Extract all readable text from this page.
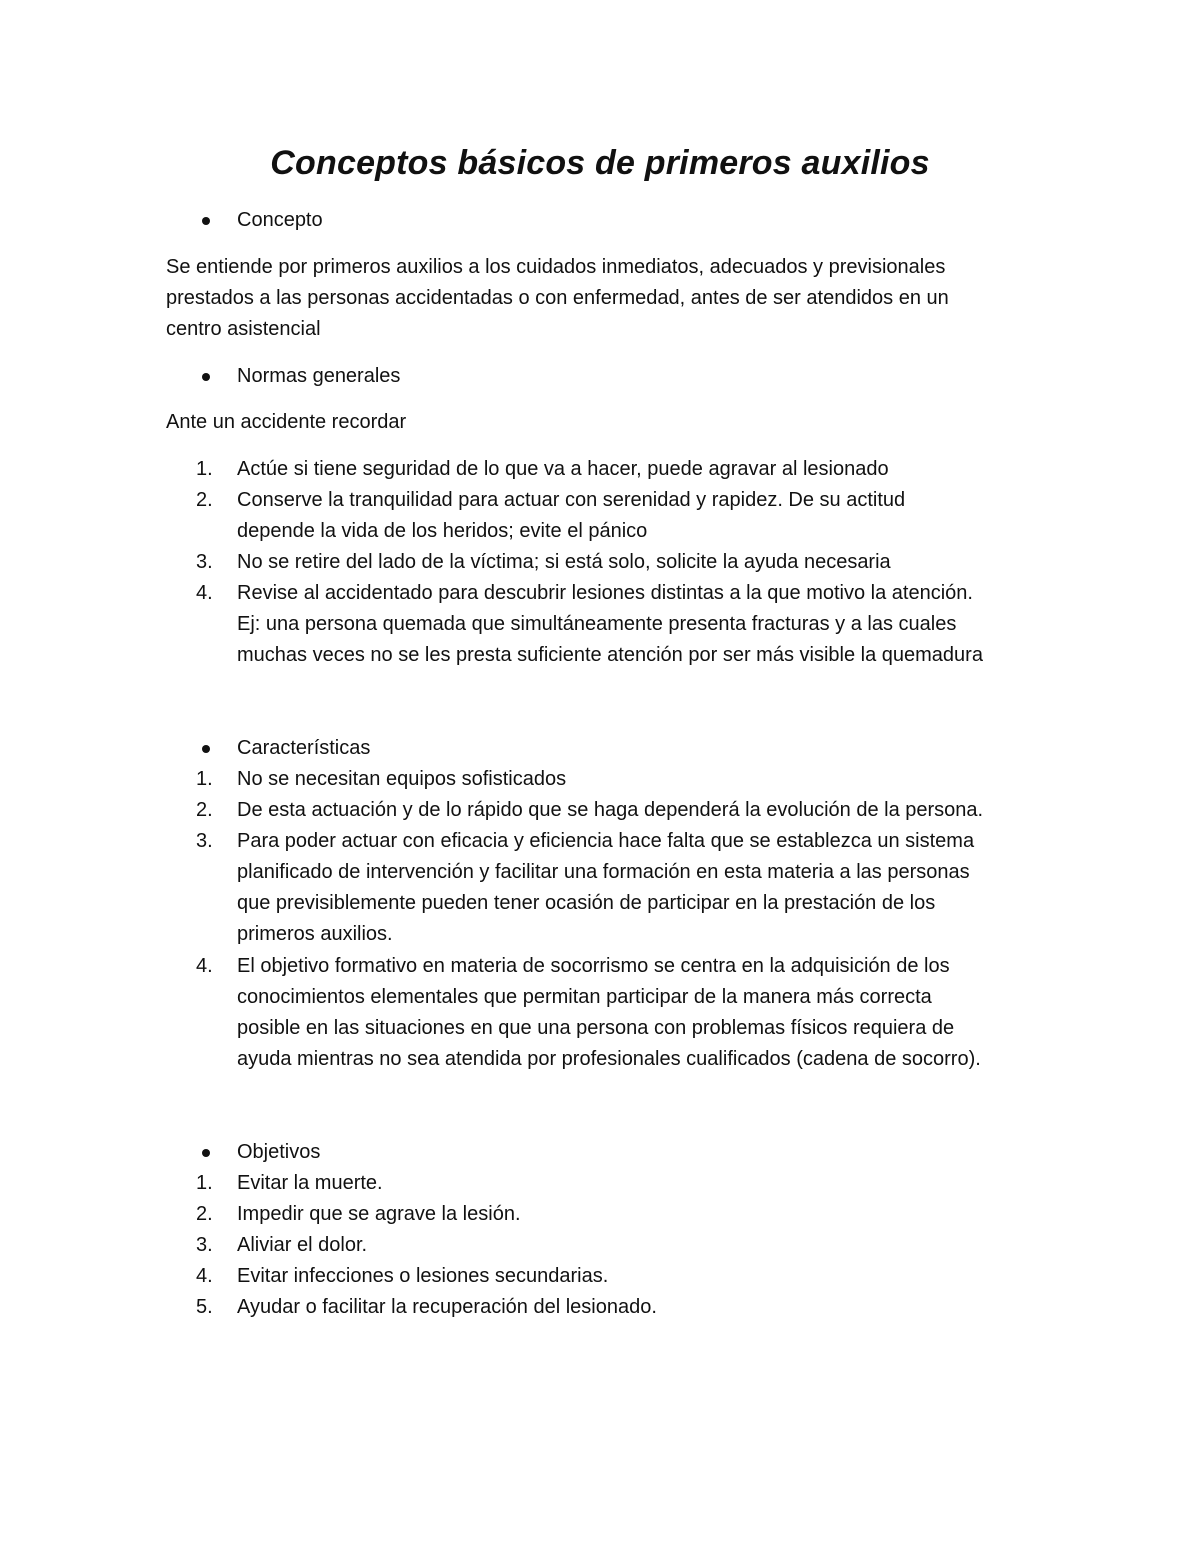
Conceptos básicos de primeros auxilios
Concepto
Se entiende por primeros auxilios a los cuidados inmediatos, adecuados y previsionales
prestados a las personas accidentadas o con enfermedad, antes de ser atendidos en un
centro asistencial
Normas generales
Ante un accidente recordar
1.	Actúe si tiene seguridad de lo que va a hacer, puede agravar al lesionado
2.	Conserve la tranquilidad para actuar con serenidad y rapidez. De su actitud
depende la vida de los heridos; evite el pánico
3.	No se retire del lado de la víctima; si está solo, solicite la ayuda necesaria
4.	Revise al accidentado para descubrir lesiones distintas a la que motivo la atención.
Ej: una persona quemada que simultáneamente presenta fracturas y a las cuales
muchas veces no se les presta suficiente atención por ser más visible la quemadura
Características
1.	No se necesitan equipos sofisticados
2.	De esta actuación y de lo rápido que se haga dependerá la evolución de la persona.
3.	Para poder actuar con eficacia y eficiencia hace falta que se establezca un sistema
planificado de intervención y facilitar una formación en esta materia a las personas
que previsiblemente pueden tener ocasión de participar en la prestación de los
primeros auxilios.
4.	El objetivo formativo en materia de socorrismo se centra en la adquisición de los
conocimientos elementales que permitan participar de la manera más correcta
posible en las situaciones en que una persona con problemas físicos requiera de
ayuda mientras no sea atendida por profesionales cualificados (cadena de socorro).
Objetivos
1.	Evitar la muerte.
2.	Impedir que se agrave la lesión.
3.	Aliviar el dolor.
4.	Evitar infecciones o lesiones secundarias.
5.	Ayudar o facilitar la recuperación del lesionado.
